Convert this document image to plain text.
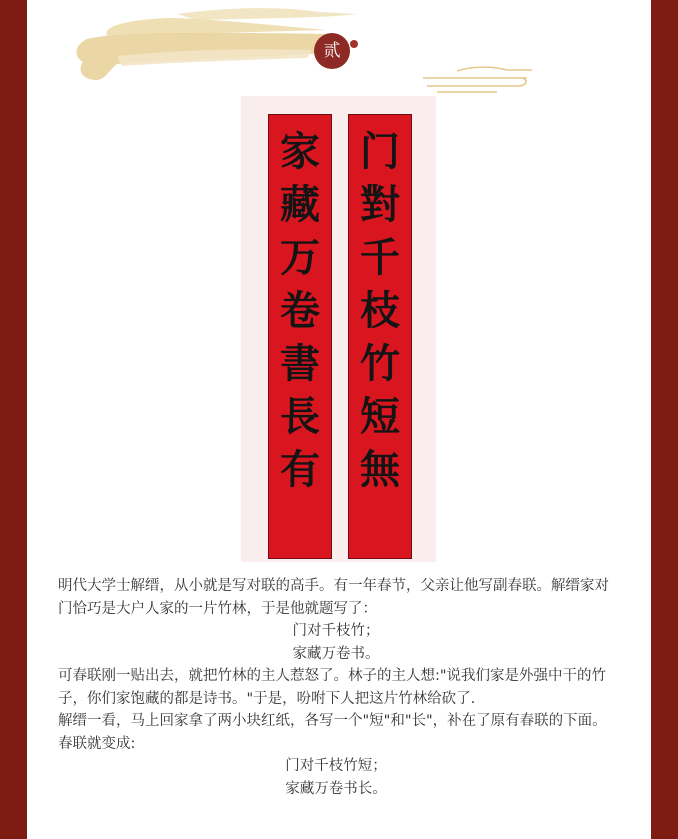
贰
门
對
千
枝
竹
短
無
家
藏
万
卷
書
長
有

明代大学士解缙，从小就是写对联的高手。有一年春节，父亲让他写副春联。解缙家对门恰巧是大户人家的一片竹林，于是他就题写了：

门对千枝竹；

家藏万卷书。

可春联刚一贴出去，就把竹林的主人惹怒了。林子的主人想:"说我们家是外强中干的竹子，你们家饱藏的都是诗书。"于是，吩咐下人把这片竹林给砍了.

解缙一看，马上回家拿了两小块红纸，各写一个"短"和"长"，补在了原有春联的下面。春联就变成:

门对千枝竹短；

家藏万卷书长。
